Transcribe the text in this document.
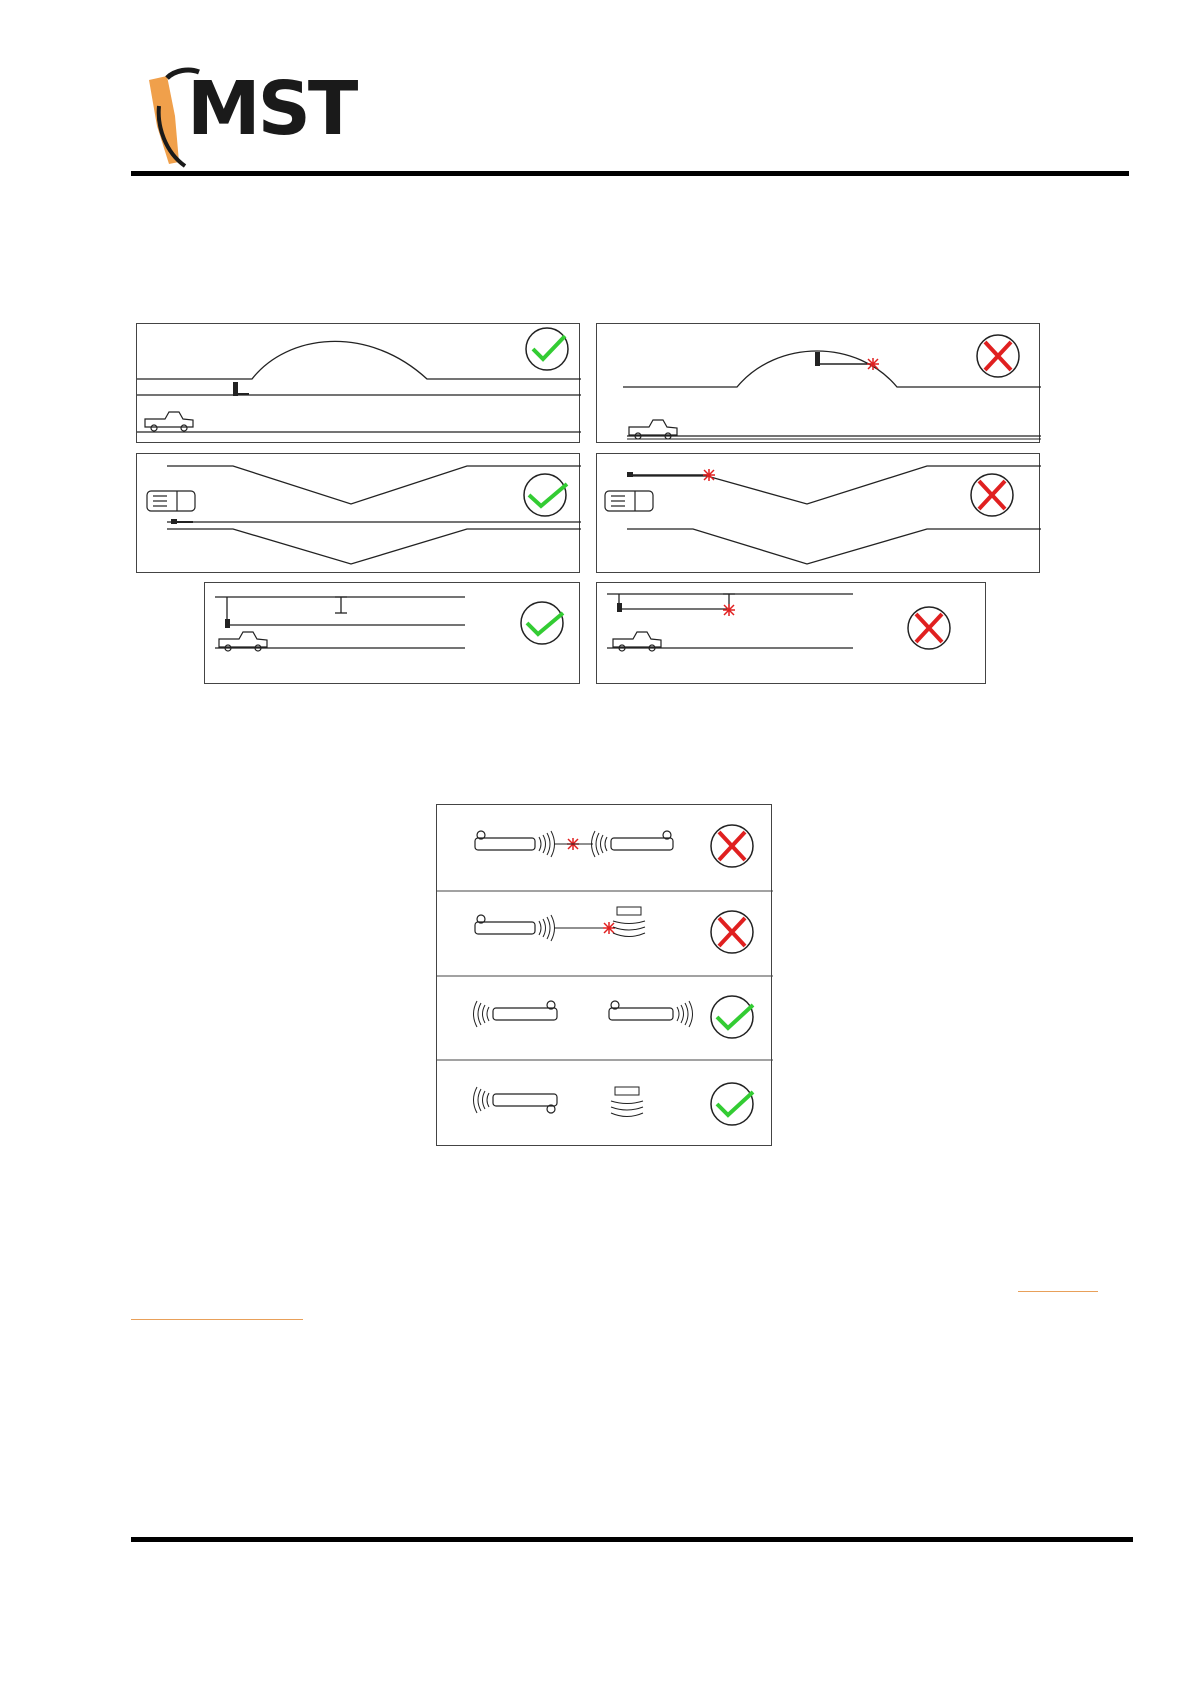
MST
